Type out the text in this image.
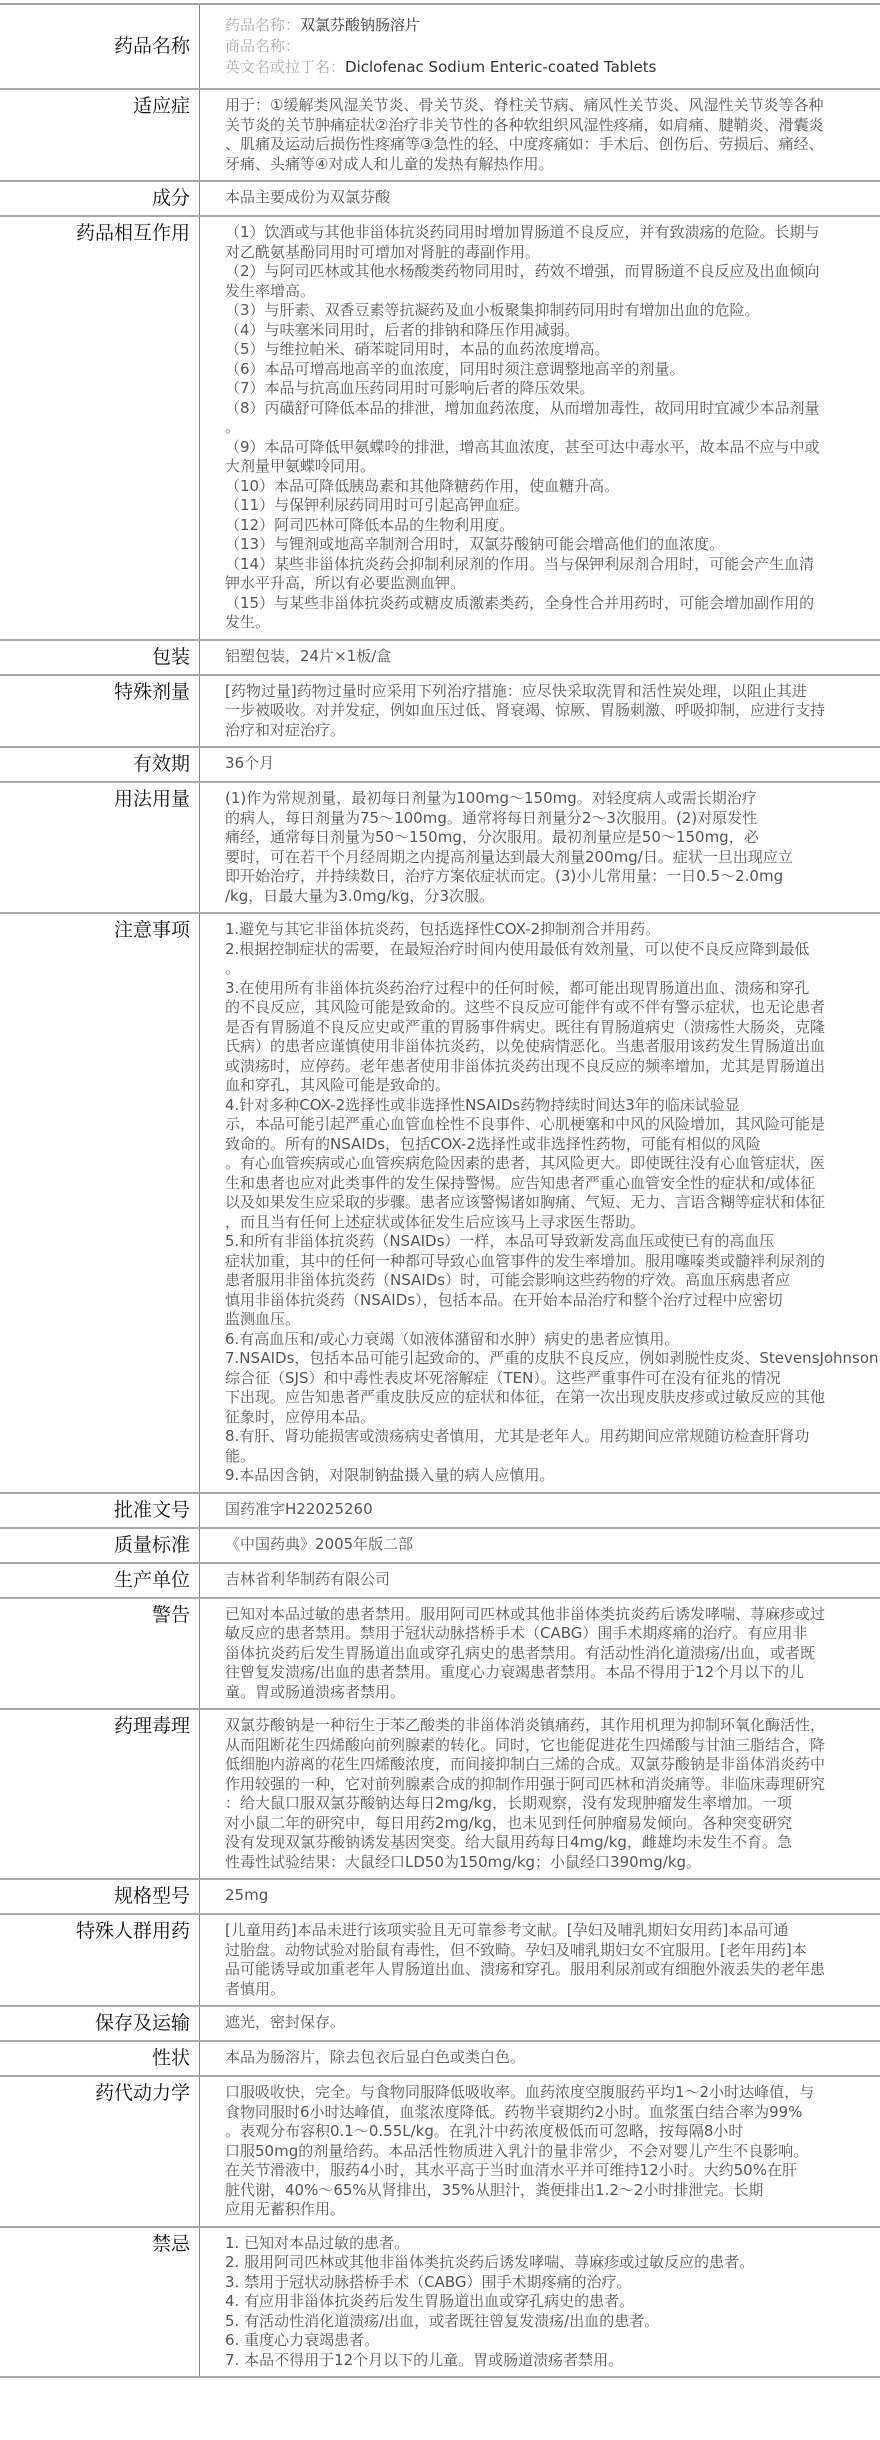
药品名称
药品名称：双氯芬酸钠肠溶片
商品名称：
英文名或拉丁名：Diclofenac Sodium Enteric-coated Tablets
适应症	用于：①缓解类风湿关节炎、骨关节炎、脊柱关节病、痛风性关节炎、风湿性关节炎等各种
关节炎的关节肿痛症状②治疗非关节性的各种软组织风湿性疼痛，如肩痛、腱鞘炎、滑囊炎
、肌痛及运动后损伤性疼痛等③急性的轻、中度疼痛如：手术后、创伤后、劳损后、痛经、
牙痛、头痛等④对成人和儿童的发热有解热作用。
成分	本品主要成份为双氯芬酸
药品相互作用	（1）饮酒或与其他非甾体抗炎药同用时增加胃肠道不良反应，并有致溃疡的危险。长期与
对乙酰氨基酚同用时可增加对肾脏的毒副作用。
（2）与阿司匹林或其他水杨酸类药物同用时，药效不增强，而胃肠道不良反应及出血倾向
发生率增高。
（3）与肝素、双香豆素等抗凝药及血小板聚集抑制药同用时有增加出血的危险。
（4）与呋塞米同用时，后者的排钠和降压作用减弱。
（5）与维拉帕米、硝苯啶同用时，本品的血药浓度增高。
（6）本品可增高地高辛的血浓度，同用时须注意调整地高辛的剂量。
（7）本品与抗高血压药同用时可影响后者的降压效果。
（8）丙磺舒可降低本品的排泄，增加血药浓度，从而增加毒性，故同用时宜减少本品剂量
。
（9）本品可降低甲氨蝶呤的排泄，增高其血浓度，甚至可达中毒水平，故本品不应与中或
大剂量甲氨蝶呤同用。
（10）本品可降低胰岛素和其他降糖药作用，使血糖升高。
（11）与保钾利尿药同用时可引起高钾血症。
（12）阿司匹林可降低本品的生物利用度。
（13）与锂剂或地高辛制剂合用时，双氯芬酸钠可能会增高他们的血浓度。
（14）某些非甾体抗炎药会抑制利尿剂的作用。当与保钾利尿剂合用时，可能会产生血清
钾水平升高，所以有必要监测血钾。
（15）与某些非甾体抗炎药或糖皮质激素类药，全身性合并用药时，可能会增加副作用的
发生。
包装	铝塑包装，24片×1板/盒
特殊剂量	[药物过量]药物过量时应采用下列治疗措施：应尽快采取洗胃和活性炭处理，以阻止其进
一步被吸收。对并发症，例如血压过低、肾衰竭、惊厥、胃肠刺激、呼吸抑制，应进行支持
治疗和对症治疗。
有效期	36个月
用法用量	(1)作为常规剂量，最初每日剂量为100mg～150mg。对轻度病人或需长期治疗
的病人，每日剂量为75～100mg。通常将每日剂量分2～3次服用。(2)对原发性
痛经，通常每日剂量为50～150mg，分次服用。最初剂量应是50～150mg，必
要时，可在若干个月经周期之内提高剂量达到最大剂量200mg/日。症状一旦出现应立
即开始治疗，并持续数日，治疗方案依症状而定。(3)小儿常用量：一日0.5～2.0mg
/kg，日最大量为3.0mg/kg，分3次服。
注意事项	1.避免与其它非甾体抗炎药，包括选择性COX-2抑制剂合并用药。
2.根据控制症状的需要，在最短治疗时间内使用最低有效剂量，可以使不良反应降到最低
。
3.在使用所有非甾体抗炎药治疗过程中的任何时候，都可能出现胃肠道出血、溃疡和穿孔
的不良反应，其风险可能是致命的。这些不良反应可能伴有或不伴有警示症状，也无论患者
是否有胃肠道不良反应史或严重的胃肠事件病史。既往有胃肠道病史（溃疡性大肠炎，克隆
氏病）的患者应谨慎使用非甾体抗炎药，以免使病情恶化。当患者服用该药发生胃肠道出血
或溃疡时，应停药。老年患者使用非甾体抗炎药出现不良反应的频率增加，尤其是胃肠道出
血和穿孔，其风险可能是致命的。
4.针对多种COX-2选择性或非选择性NSAIDs药物持续时间达3年的临床试验显
示，本品可能引起严重心血管血栓性不良事件、心肌梗塞和中风的风险增加，其风险可能是
致命的。所有的NSAIDs，包括COX-2选择性或非选择性药物，可能有相似的风险
。有心血管疾病或心血管疾病危险因素的患者，其风险更大。即使既往没有心血管症状，医
生和患者也应对此类事件的发生保持警惕。应告知患者严重心血管安全性的症状和/或体征
以及如果发生应采取的步骤。患者应该警惕诸如胸痛、气短、无力、言语含糊等症状和体征
，而且当有任何上述症状或体征发生后应该马上寻求医生帮助。
5.和所有非甾体抗炎药（NSAIDs）一样，本品可导致新发高血压或使已有的高血压
症状加重，其中的任何一种都可导致心血管事件的发生率增加。服用噻嗪类或髓袢利尿剂的
患者服用非甾体抗炎药（NSAIDs）时，可能会影响这些药物的疗效。高血压病患者应
慎用非甾体抗炎药（NSAIDs），包括本品。在开始本品治疗和整个治疗过程中应密切
监测血压。
6.有高血压和/或心力衰竭（如液体潴留和水肿）病史的患者应慎用。
7.NSAIDs，包括本品可能引起致命的、严重的皮肤不良反应，例如剥脱性皮炎、StevensJohnson
综合征（SJS）和中毒性表皮坏死溶解症（TEN）。这些严重事件可在没有征兆的情况
下出现。应告知患者严重皮肤反应的症状和体征，在第一次出现皮肤皮疹或过敏反应的其他
征象时，应停用本品。
8.有肝、肾功能损害或溃疡病史者慎用，尤其是老年人。用药期间应常规随访检查肝肾功
能。
9.本品因含钠，对限制钠盐摄入量的病人应慎用。
批准文号	国药准字H22025260
质量标准	《中国药典》2005年版二部
生产单位	吉林省利华制药有限公司
警告	已知对本品过敏的患者禁用。服用阿司匹林或其他非甾体类抗炎药后诱发哮喘、荨麻疹或过
敏反应的患者禁用。禁用于冠状动脉搭桥手术（CABG）围手术期疼痛的治疗。有应用非
甾体抗炎药后发生胃肠道出血或穿孔病史的患者禁用。有活动性消化道溃疡/出血，或者既
往曾复发溃疡/出血的患者禁用。重度心力衰竭患者禁用。本品不得用于12个月以下的儿
童。胃或肠道溃疡者禁用。
药理毒理	双氯芬酸钠是一种衍生于苯乙酸类的非甾体消炎镇痛药，其作用机理为抑制环氧化酶活性，
从而阻断花生四烯酸向前列腺素的转化。同时，它也能促进花生四烯酸与甘油三脂结合，降
低细胞内游离的花生四烯酸浓度，而间接抑制白三烯的合成。双氯芬酸钠是非甾体消炎药中
作用较强的一种，它对前列腺素合成的抑制作用强于阿司匹林和消炎痛等。非临床毒理研究
：给大鼠口服双氯芬酸钠达每日2mg/kg，长期观察，没有发现肿瘤发生率增加。一项
对小鼠二年的研究中，每日用药2mg/kg，也未见到任何肿瘤易发倾向。各种突变研究
没有发现双氯芬酸钠诱发基因突变。给大鼠用药每日4mg/kg，雌雄均未发生不育。急
性毒性试验结果：大鼠经口LD50为150mg/kg；小鼠经口390mg/kg。
规格型号	25mg
特殊人群用药	[儿童用药]本品未进行该项实验且无可靠参考文献。[孕妇及哺乳期妇女用药]本品可通
过胎盘。动物试验对胎鼠有毒性，但不致畸。孕妇及哺乳期妇女不宜服用。[老年用药]本
品可能诱导或加重老年人胃肠道出血、溃疡和穿孔。服用利尿剂或有细胞外液丢失的老年患
者慎用。
保存及运输	遮光，密封保存。
性状	本品为肠溶片，除去包衣后显白色或类白色。
药代动力学	口服吸收快，完全。与食物同服降低吸收率。血药浓度空腹服药平均1～2小时达峰值，与
食物同服时6小时达峰值，血浆浓度降低。药物半衰期约2小时。血浆蛋白结合率为99%
。表观分布容积0.1～0.55L/kg。在乳汁中药浓度极低而可忽略，按每隔8小时
口服50mg的剂量给药。本品活性物质进入乳汁的量非常少，不会对婴儿产生不良影响。
在关节滑液中，服药4小时，其水平高于当时血清水平并可维持12小时。大约50%在肝
脏代谢，40%～65%从肾排出，35%从胆汁，粪便排出1.2～2小时排泄完。长期
应用无蓄积作用。
禁忌	1. 已知对本品过敏的患者。
2. 服用阿司匹林或其他非甾体类抗炎药后诱发哮喘、荨麻疹或过敏反应的患者。
3. 禁用于冠状动脉搭桥手术（CABG）围手术期疼痛的治疗。
4. 有应用非甾体抗炎药后发生胃肠道出血或穿孔病史的患者。
5. 有活动性消化道溃疡/出血，或者既往曾复发溃疡/出血的患者。
6. 重度心力衰竭患者。
7. 本品不得用于12个月以下的儿童。胃或肠道溃疡者禁用。
